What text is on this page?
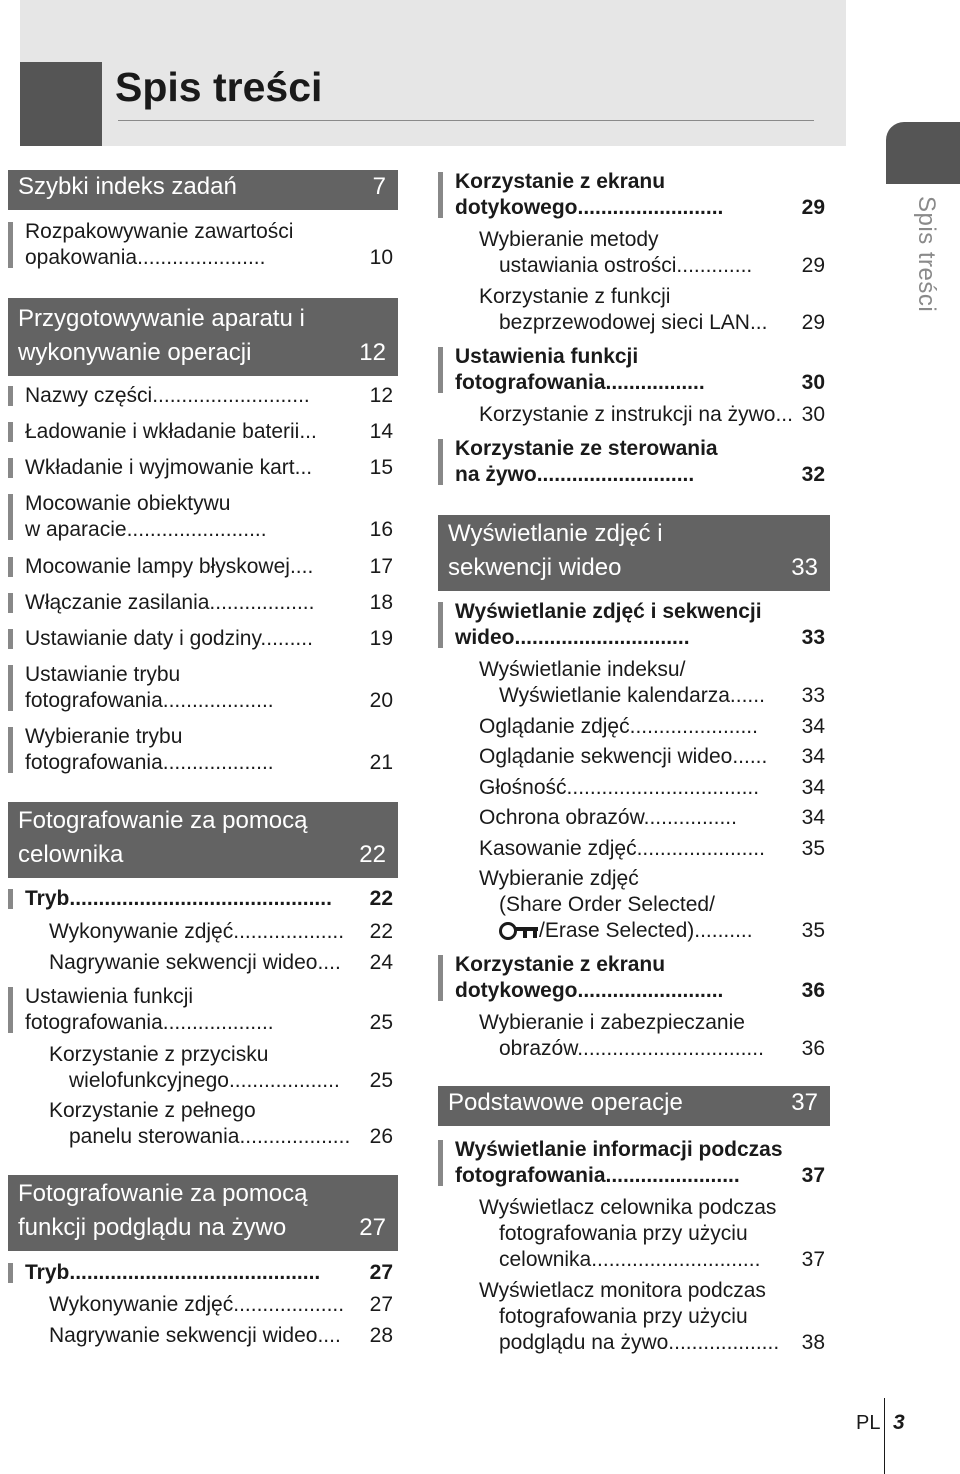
Spis treści
Spis treści
Szybki indeks zadań	7
Rozpakowywanie zawartości
opakowania......................	10
Przygotowywanie aparatu i wykonywanie operacji	12
Nazwy części...........................	12
Ładowanie i wkładanie baterii...	14
Wkładanie i wyjmowanie kart...	15
Mocowanie obiektywu
w aparacie........................	16
Mocowanie lampy błyskowej....	17
Włączanie zasilania..................	18
Ustawianie daty i godziny.........	19
Ustawianie trybu
fotografowania...................	20
Wybieranie trybu
fotografowania...................	21
Fotografowanie za pomocą celownika	22
Tryb.............................................	22
Wykonywanie zdjęć...................	22
Nagrywanie sekwencji wideo....	24
Ustawienia funkcji
fotografowania...................	25
Korzystanie z przycisku
wielofunkcyjnego...................	25
Korzystanie z pełnego
panelu sterowania................... 26
Fotografowanie za pomocą funkcji podglądu na żywo	27
Tryb...........................................	27
Wykonywanie zdjęć...................	27
Nagrywanie sekwencji wideo....	28
Korzystanie z ekranu
dotykowego.........................	29
Wybieranie metody
ustawiania ostrości.............	29
Korzystanie z funkcji
bezprzewodowej sieci LAN...	29
Ustawienia funkcji
fotografowania.................	30
Korzystanie z instrukcji na żywo... 30
Korzystanie ze sterowania
na żywo...........................	32
Wyświetlanie zdjęć i sekwencji wideo	33
Wyświetlanie zdjęć i sekwencji
wideo..............................	33
Wyświetlanie indeksu/
Wyświetlanie kalendarza......	33
Oglądanie zdjęć......................	34
Oglądanie sekwencji wideo......	34
Głośność.................................	34
Ochrona obrazów................	34
Kasowanie zdjęć......................	35
Wybieranie zdjęć
(Share Order Selected/
/Erase Selected)..........	35
Korzystanie z ekranu
dotykowego.........................	36
Wybieranie i zabezpieczanie
obrazów................................	36
Podstawowe operacje	37
Wyświetlanie informacji podczas
fotografowania.......................	37
Wyświetlacz celownika podczas
fotografowania przy użyciu
celownika.............................	37
Wyświetlacz monitora podczas
fotografowania przy użyciu
podglądu na żywo...................	38
PL 3
